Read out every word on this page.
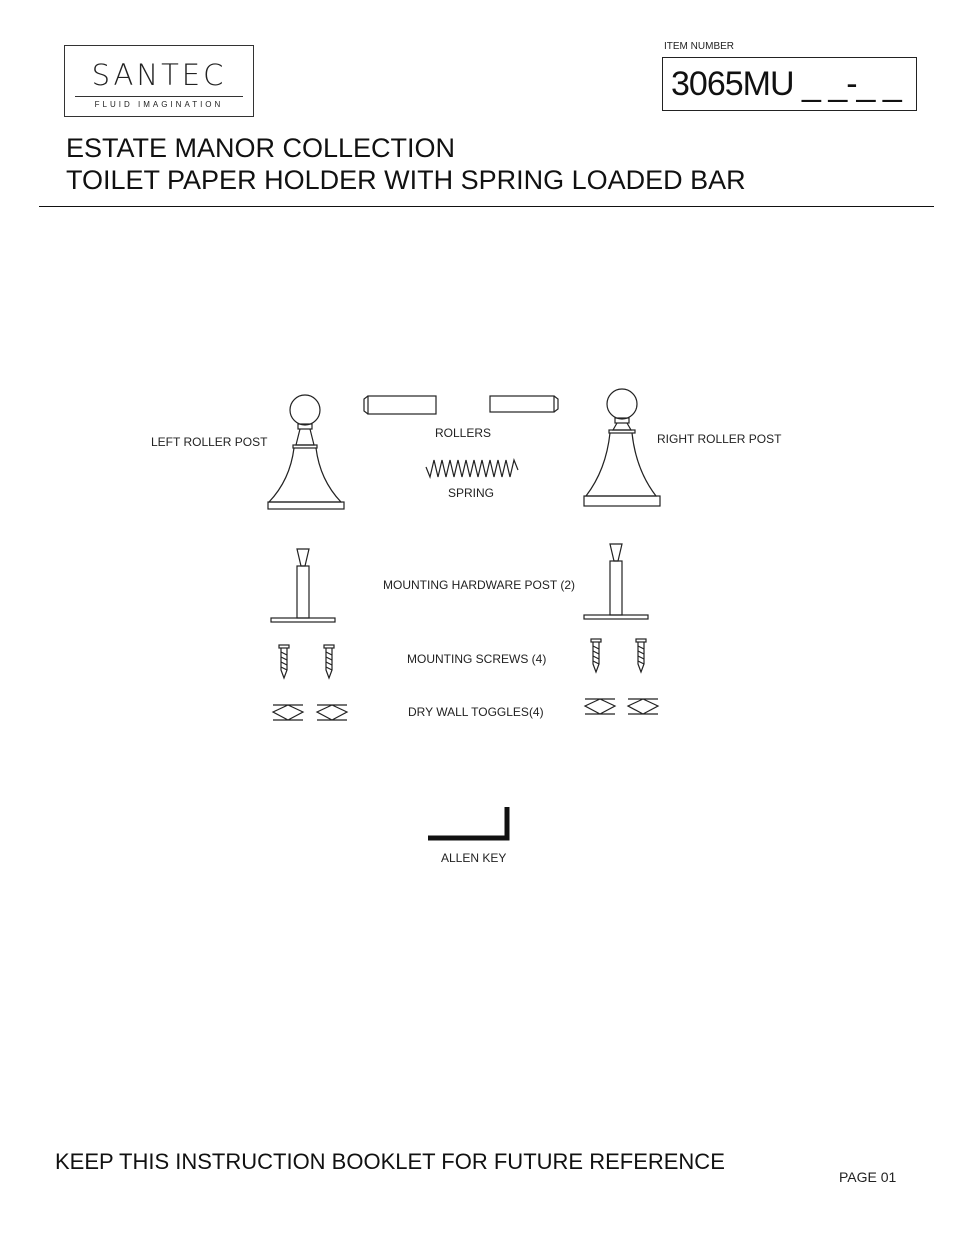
SANTEC
FLUID IMAGINATION
ITEM NUMBER
3065MU _ _-_ _
ESTATE MANOR COLLECTION
TOILET PAPER HOLDER WITH SPRING LOADED BAR
LEFT ROLLER POST
ROLLERS	RIGHT ROLLER POST
SPRING
MOUNTING HARDWARE POST (2)
MOUNTING SCREWS (4)
DRY WALL TOGGLES(4)
ALLEN KEY
KEEP THIS INSTRUCTION BOOKLET FOR FUTURE REFERENCE
PAGE 01
